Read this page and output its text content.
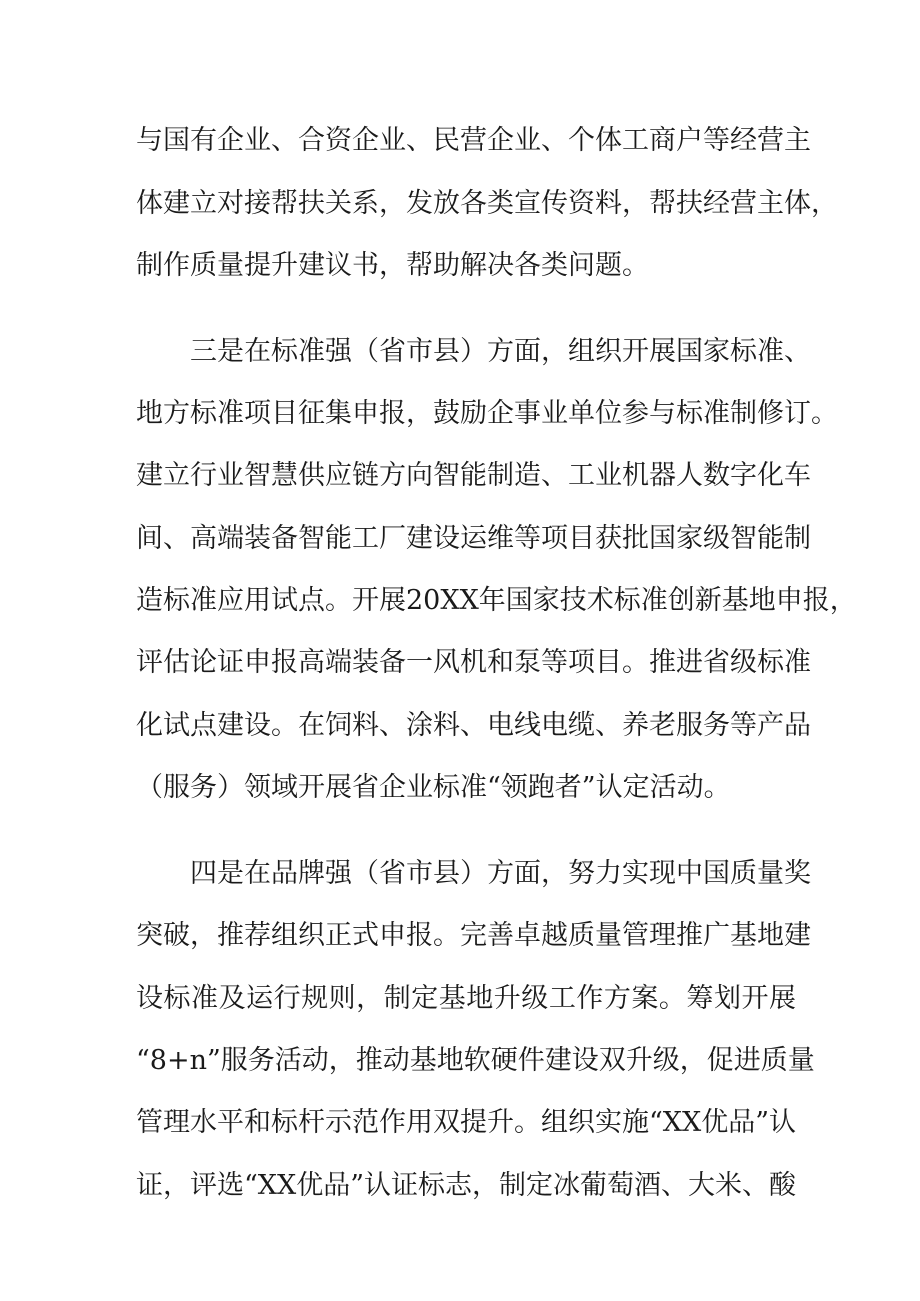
与国有企业、合资企业、民营企业、个体工商户等经营主
体建立对接帮扶关系，发放各类宣传资料，帮扶经营主体，
制作质量提升建议书，帮助解决各类问题。
三是在标准强（省市县）方面，组织开展国家标准、
地方标准项目征集申报，鼓励企事业单位参与标准制修订。
建立行业智慧供应链方向智能制造、工业机器人数字化车
间、高端装备智能工厂建设运维等项目获批国家级智能制
造标准应用试点。开展20XX年国家技术标准创新基地申报，
评估论证申报高端装备一风机和泵等项目。推进省级标准
化试点建设。在饲料、涂料、电线电缆、养老服务等产品
（服务）领域开展省企业标准“领跑者”认定活动。
四是在品牌强（省市县）方面，努力实现中国质量奖
突破，推荐组织正式申报。完善卓越质量管理推广基地建
设标准及运行规则，制定基地升级工作方案。筹划开展
“8+n”服务活动，推动基地软硬件建设双升级，促进质量
管理水平和标杆示范作用双提升。组织实施“XX优品”认
证，评选“XX优品”认证标志，制定冰葡萄酒、大米、酸
